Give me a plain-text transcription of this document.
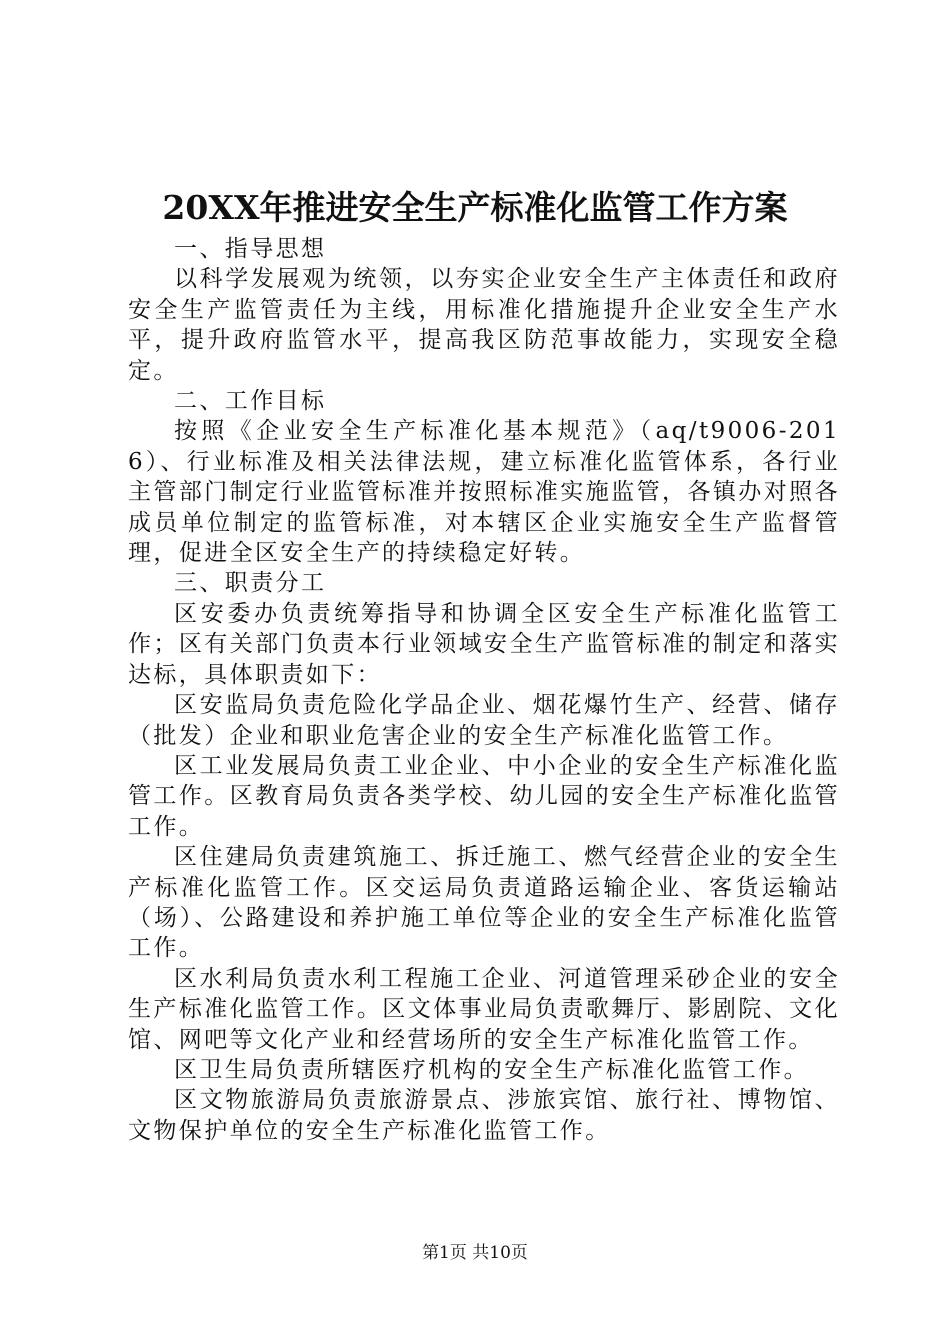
20XX年推进安全生产标准化监管工作方案
一、指导思想
以科学发展观为统领，以夯实企业安全生产主体责任和政府安全生产监管责任为主线，用标准化措施提升企业安全生产水平，提升政府监管水平，提高我区防范事故能力，实现安全稳定。
二、工作目标
按照《企业安全生产标准化基本规范》（aq/t9006-2016）、行业标准及相关法律法规，建立标准化监管体系，各行业主管部门制定行业监管标准并按照标准实施监管，各镇办对照各成员单位制定的监管标准，对本辖区企业实施安全生产监督管理，促进全区安全生产的持续稳定好转。
三、职责分工
区安委办负责统筹指导和协调全区安全生产标准化监管工作；区有关部门负责本行业领域安全生产监管标准的制定和落实达标，具体职责如下：
区安监局负责危险化学品企业、烟花爆竹生产、经营、储存（批发）企业和职业危害企业的安全生产标准化监管工作。
区工业发展局负责工业企业、中小企业的安全生产标准化监管工作。区教育局负责各类学校、幼儿园的安全生产标准化监管工作。
区住建局负责建筑施工、拆迁施工、燃气经营企业的安全生产标准化监管工作。区交运局负责道路运输企业、客货运输站（场）、公路建设和养护施工单位等企业的安全生产标准化监管工作。
区水利局负责水利工程施工企业、河道管理采砂企业的安全生产标准化监管工作。区文体事业局负责歌舞厅、影剧院、文化馆、网吧等文化产业和经营场所的安全生产标准化监管工作。
区卫生局负责所辖医疗机构的安全生产标准化监管工作。
区文物旅游局负责旅游景点、涉旅宾馆、旅行社、博物馆、文物保护单位的安全生产标准化监管工作。
第1页 共10页
